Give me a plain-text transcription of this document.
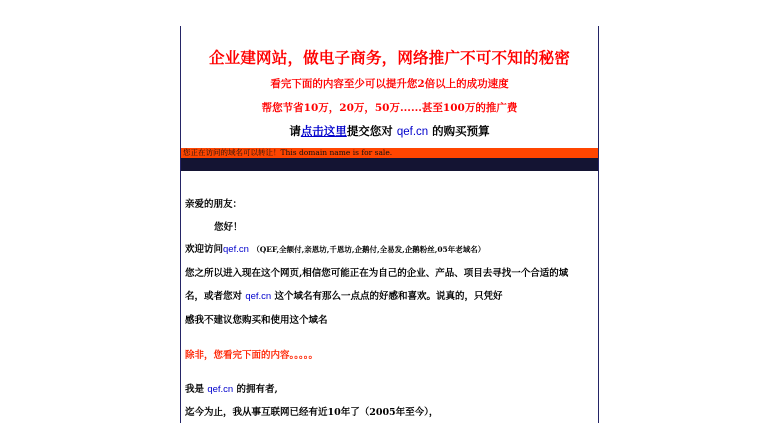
企业建网站，做电子商务，网络推广不可不知的秘密
看完下面的内容至少可以提升您2倍以上的成功速度
帮您节省10万，20万，50万......甚至100万的推广费
请点击这里提交您对 qef.cn 的购买预算
您正在访问的域名可以转让！This domain name is for sale.
亲爱的朋友：
您好！
欢迎访问qef.cn （QEF,全额付,亲恩坊,千恩坊,企鹅付,全易发,企鹅粉丝,05年老域名）
您之所以进入现在这个网页,相信您可能正在为自己的企业、产品、项目去寻找一个合适的域
名，或者您对 qef.cn 这个域名有那么一点点的好感和喜欢。说真的，只凭好
感我不建议您购买和使用这个域名
除非，您看完下面的内容。。。。。
我是 qef.cn 的拥有者,
迄今为止，我从事互联网已经有近10年了（2005年至今），
